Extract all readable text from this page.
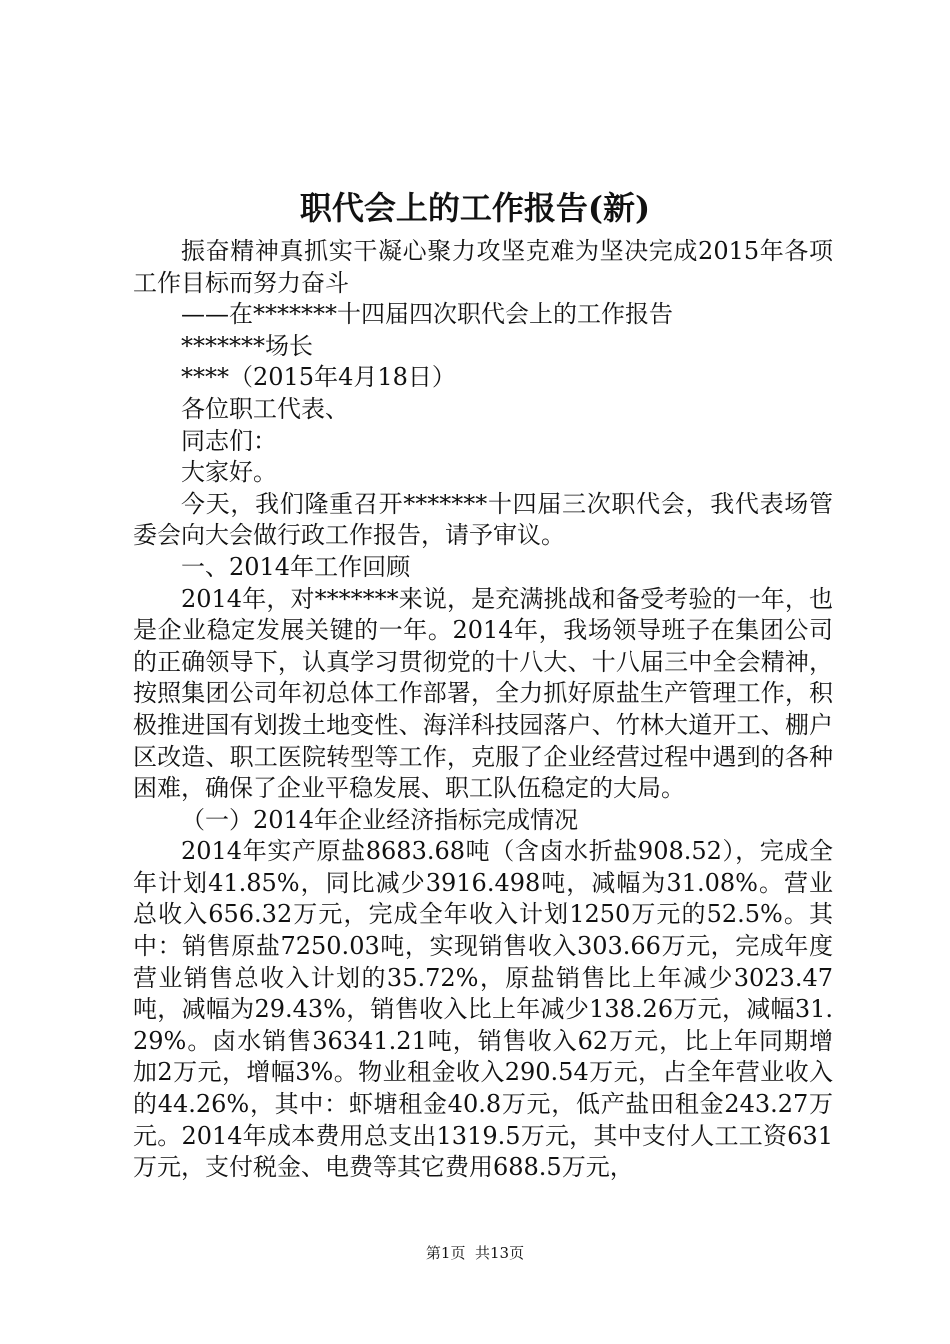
职代会上的工作报告(新)

振奋精神真抓实干凝心聚力攻坚克难为坚决完成2015年各项工作目标而努力奋斗

——在*******十四届四次职代会上的工作报告

*******场长

****（2015年4月18日）

各位职工代表、

同志们：

大家好。

今天，我们隆重召开*******十四届三次职代会，我代表场管委会向大会做行政工作报告，请予审议。

一、2014年工作回顾

2014年，对*******来说，是充满挑战和备受考验的一年，也是企业稳定发展关键的一年。2014年，我场领导班子在集团公司的正确领导下，认真学习贯彻党的十八大、十八届三中全会精神，按照集团公司年初总体工作部署，全力抓好原盐生产管理工作，积极推进国有划拨土地变性、海洋科技园落户、竹林大道开工、棚户区改造、职工医院转型等工作，克服了企业经营过程中遇到的各种困难，确保了企业平稳发展、职工队伍稳定的大局。

（一）2014年企业经济指标完成情况

2014年实产原盐8683.68吨（含卤水折盐908.52），完成全年计划41.85%，同比减少3916.498吨，减幅为31.08%。营业总收入656.32万元，完成全年收入计划1250万元的52.5%。其中：销售原盐7250.03吨，实现销售收入303.66万元，完成年度营业销售总收入计划的35.72%，原盐销售比上年减少3023.47吨，减幅为29.43%，销售收入比上年减少138.26万元，减幅31.29%。卤水销售36341.21吨，销售收入62万元，比上年同期增加2万元，增幅3%。物业租金收入290.54万元，占全年营业收入的44.26%，其中：虾塘租金40.8万元，低产盐田租金243.27万元。2014年成本费用总支出1319.5万元，其中支付人工工资631万元，支付税金、电费等其它费用688.5万元，

第1页  共13页
